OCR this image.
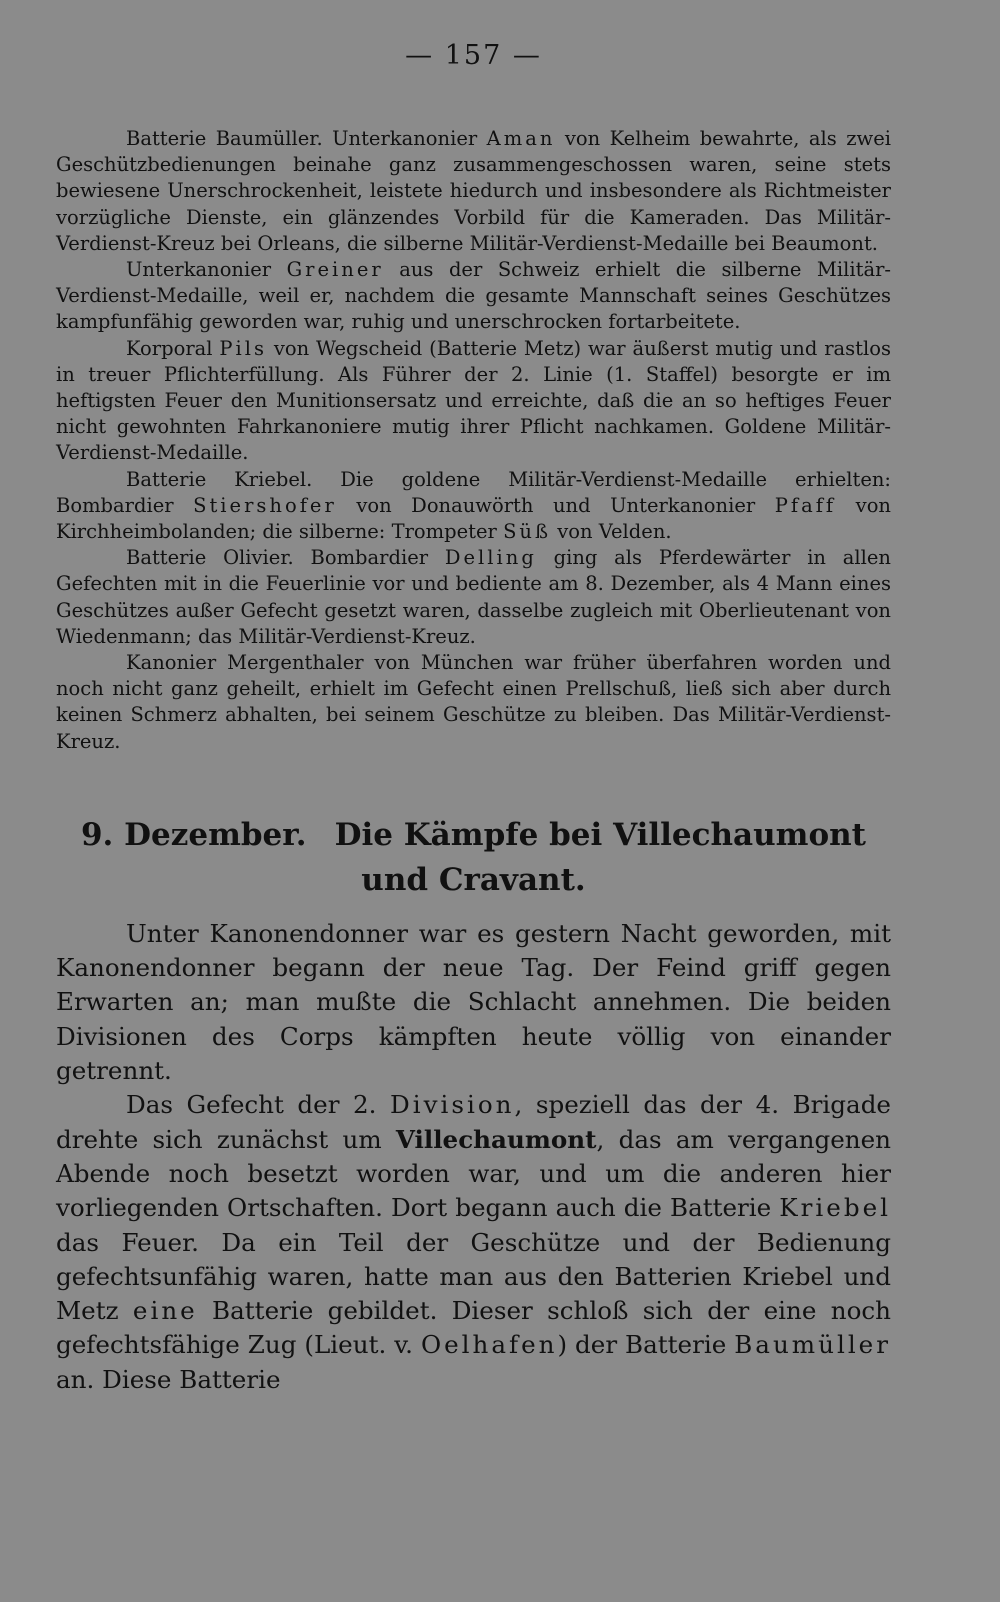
— 157 —

Batterie Baumüller. Unterkanonier Aman von Kelheim bewahrte, als zwei Geschützbedienungen beinahe ganz zusammengeschossen waren, seine stets bewiesene Unerschrockenheit, leistete hiedurch und insbesondere als Richtmeister vorzügliche Dienste, ein glänzendes Vorbild für die Kameraden. Das Militär-Verdienst-Kreuz bei Orleans, die silberne Militär-Verdienst-Medaille bei Beaumont.

Unterkanonier Greiner aus der Schweiz erhielt die silberne Militär-Verdienst-Medaille, weil er, nachdem die gesamte Mannschaft seines Geschützes kampfunfähig geworden war, ruhig und unerschrocken fortarbeitete.

Korporal Pils von Wegscheid (Batterie Metz) war äußerst mutig und rastlos in treuer Pflichterfüllung. Als Führer der 2. Linie (1. Staffel) besorgte er im heftigsten Feuer den Munitionsersatz und erreichte, daß die an so heftiges Feuer nicht gewohnten Fahrkanoniere mutig ihrer Pflicht nachkamen. Goldene Militär-Verdienst-Medaille.

Batterie Kriebel. Die goldene Militär-Verdienst-Medaille erhielten: Bombardier Stiershofer von Donauwörth und Unterkanonier Pfaff von Kirchheimbolanden; die silberne: Trompeter Süß von Velden.

Batterie Olivier. Bombardier Delling ging als Pferdewärter in allen Gefechten mit in die Feuerlinie vor und bediente am 8. Dezember, als 4 Mann eines Geschützes außer Gefecht gesetzt waren, dasselbe zugleich mit Oberlieutenant von Wiedenmann; das Militär-Verdienst-Kreuz.

Kanonier Mergenthaler von München war früher überfahren worden und noch nicht ganz geheilt, erhielt im Gefecht einen Prellschuß, ließ sich aber durch keinen Schmerz abhalten, bei seinem Geschütze zu bleiben. Das Militär-Verdienst-Kreuz.

9. Dezember. Die Kämpfe bei Villechaumont
und Cravant.

Unter Kanonendonner war es gestern Nacht geworden, mit Kanonendonner begann der neue Tag. Der Feind griff gegen Erwarten an; man mußte die Schlacht annehmen. Die beiden Divisionen des Corps kämpften heute völlig von einander getrennt.

Das Gefecht der 2. Division, speziell das der 4. Brigade drehte sich zunächst um Villechaumont, das am vergangenen Abende noch besetzt worden war, und um die anderen hier vorliegenden Ortschaften. Dort begann auch die Batterie Kriebel das Feuer. Da ein Teil der Geschütze und der Bedienung gefechtsunfähig waren, hatte man aus den Batterien Kriebel und Metz eine Batterie gebildet. Dieser schloß sich der eine noch gefechtsfähige Zug (Lieut. v. Oelhafen) der Batterie Baumüller an. Diese Batterie
